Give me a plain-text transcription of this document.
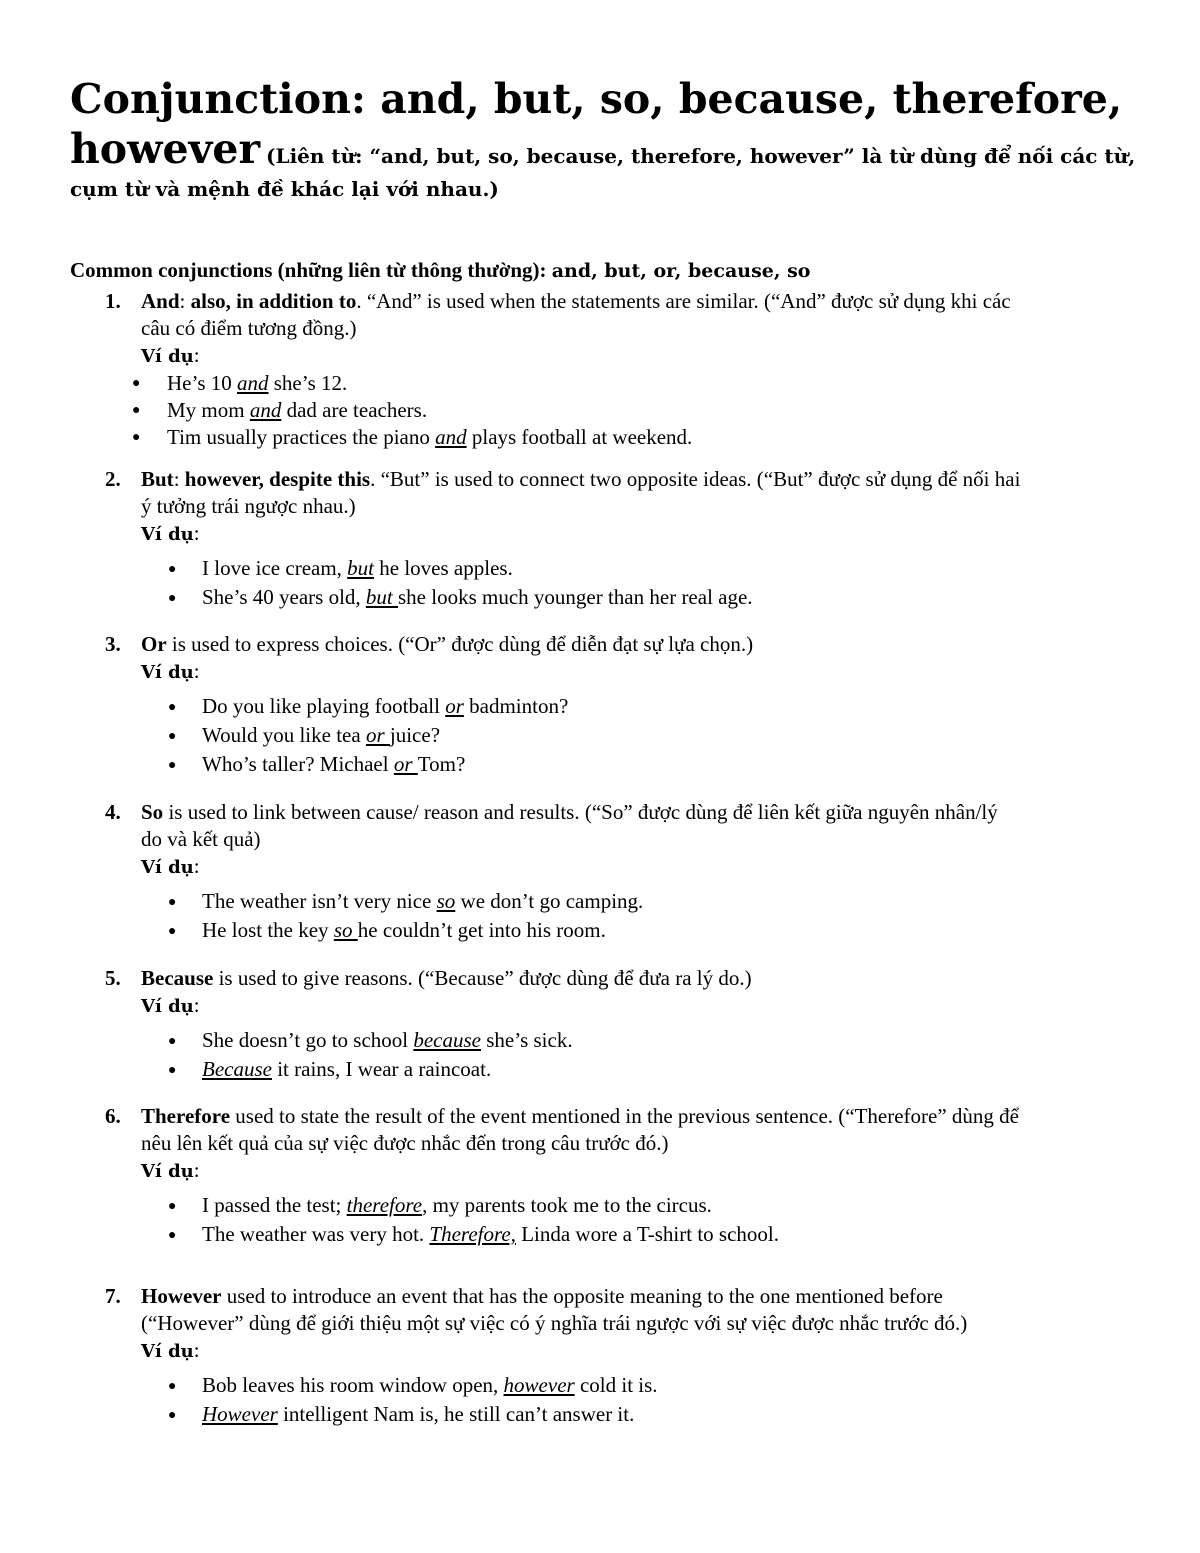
Conjunction: and, but, so, because, therefore,
however (Liên từ: “and, but, so, because, therefore, however” là từ dùng để nối các từ,
cụm từ và mệnh đề khác lại với nhau.)
Common conjunctions (những liên từ thông thường): and, but, or, because, so
1. And: also, in addition to. “And” is used when the statements are similar. (“And” được sử dụng khi các
câu có điểm tương đồng.)
Ví dụ:
● He’s 10 and she’s 12.
● My mom and dad are teachers.
● Tim usually practices the piano and plays football at weekend.
2. But: however, despite this. “But” is used to connect two opposite ideas. (“But” được sử dụng để nối hai
ý tưởng trái ngược nhau.)
Ví dụ:
● I love ice cream, but he loves apples.
● She’s 40 years old, but she looks much younger than her real age.
3. Or is used to express choices. (“Or” được dùng để diễn đạt sự lựa chọn.)
Ví dụ:
● Do you like playing football or badminton?
● Would you like tea or juice?
● Who’s taller? Michael or Tom?
4. So is used to link between cause/ reason and results. (“So” được dùng để liên kết giữa nguyên nhân/lý
do và kết quả)
Ví dụ:
● The weather isn’t very nice so we don’t go camping.
● He lost the key so he couldn’t get into his room.
5. Because is used to give reasons. (“Because” được dùng để đưa ra lý do.)
Ví dụ:
● She doesn’t go to school because she’s sick.
● Because it rains, I wear a raincoat.
6. Therefore used to state the result of the event mentioned in the previous sentence. (“Therefore” dùng để
nêu lên kết quả của sự việc được nhắc đến trong câu trước đó.)
Ví dụ:
● I passed the test; therefore, my parents took me to the circus.
● The weather was very hot. Therefore, Linda wore a T-shirt to school.
7. However used to introduce an event that has the opposite meaning to the one mentioned before
(“However” dùng để giới thiệu một sự việc có ý nghĩa trái ngược với sự việc được nhắc trước đó.)
Ví dụ:
● Bob leaves his room window open, however cold it is.
● However intelligent Nam is, he still can’t answer it.
